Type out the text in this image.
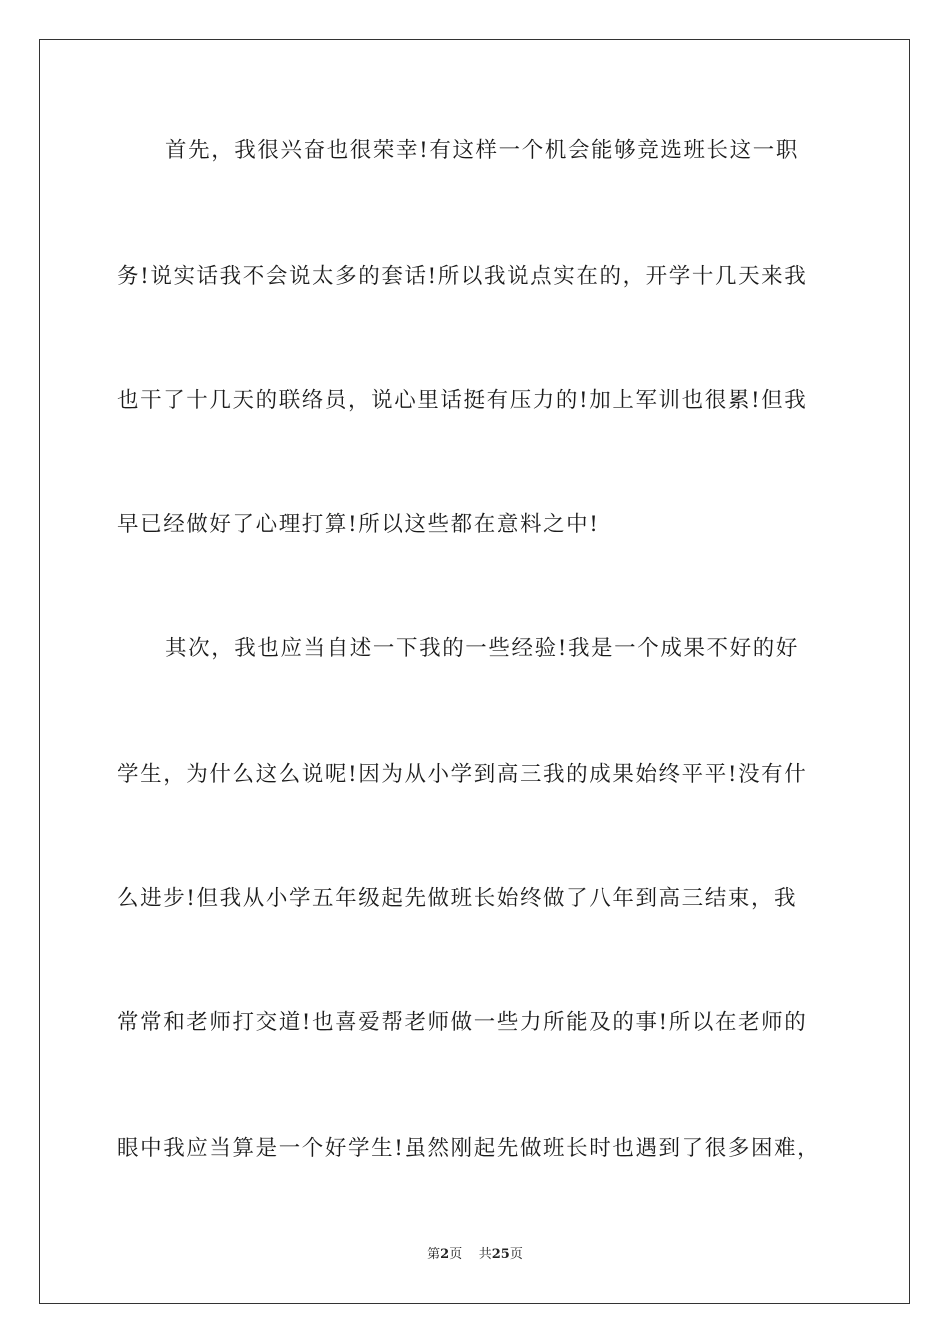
首先，我很兴奋也很荣幸!有这样一个机会能够竞选班长这一职
务!说实话我不会说太多的套话!所以我说点实在的，开学十几天来我
也干了十几天的联络员，说心里话挺有压力的!加上军训也很累!但我
早已经做好了心理打算!所以这些都在意料之中!
其次，我也应当自述一下我的一些经验!我是一个成果不好的好
学生，为什么这么说呢!因为从小学到高三我的成果始终平平!没有什
么进步!但我从小学五年级起先做班长始终做了八年到高三结束，我
常常和老师打交道!也喜爱帮老师做一些力所能及的事!所以在老师的
眼中我应当算是一个好学生!虽然刚起先做班长时也遇到了很多困难，
第2页 共25页
